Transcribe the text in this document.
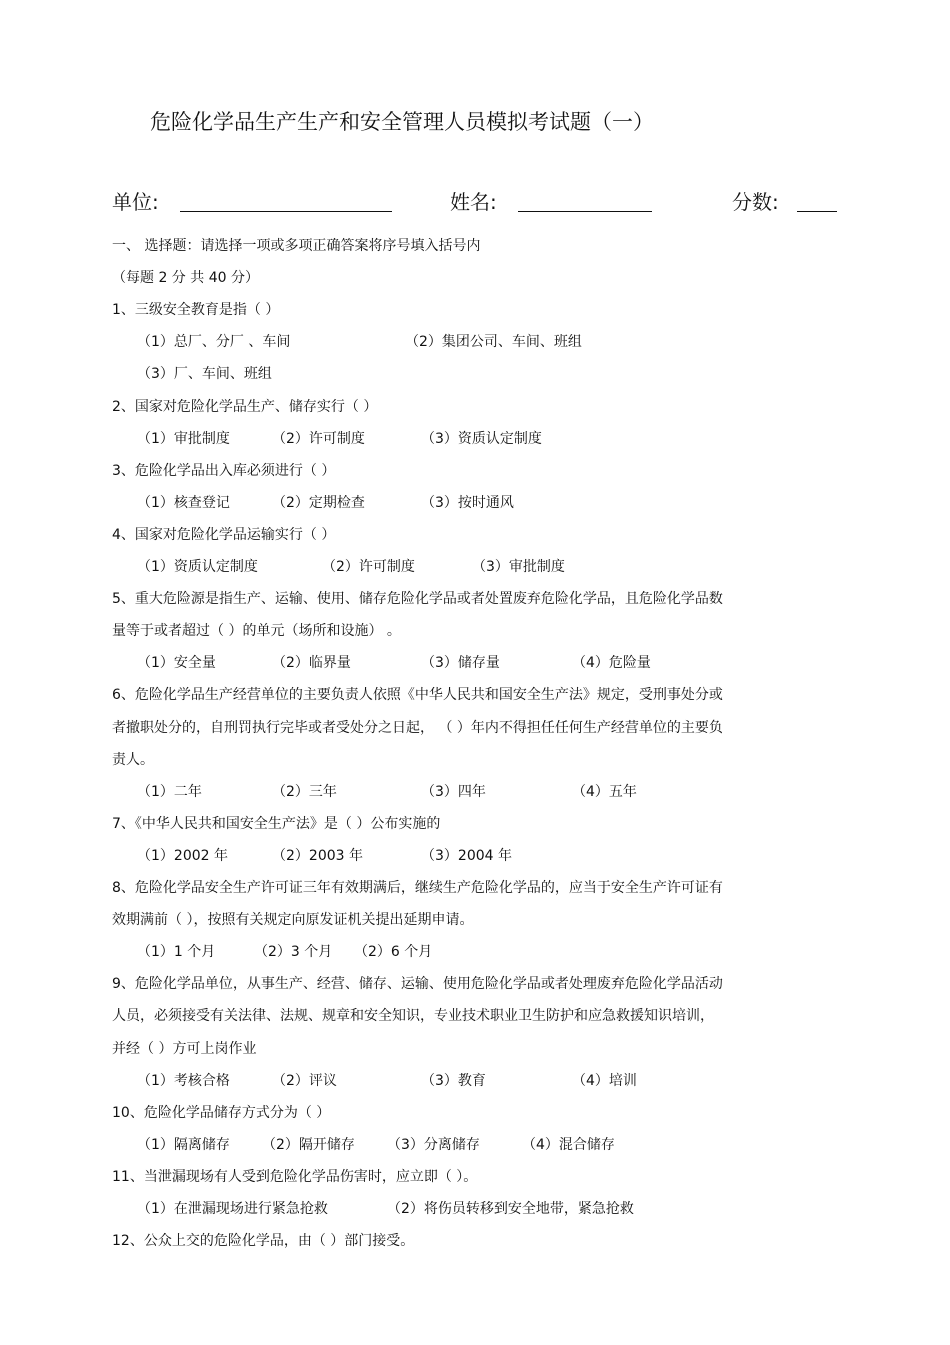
危险化学品生产生产和安全管理人员模拟考试题（一）
单位:	姓名:	分数:
一、 选择题：请选择一项或多项正确答案将序号填入括号内
（每题 2 分 共 40 分）
1、三级安全教育是指（ ）
（1）总厂、分厂 、车间	（2）集团公司、车间、班组
（3）厂、车间、班组
2、国家对危险化学品生产、储存实行（ ）
（1）审批制度	（2）许可制度	（3）资质认定制度
3、危险化学品出入库必须进行（ ）
（1）核查登记	（2）定期检查	（3）按时通风
4、国家对危险化学品运输实行（ ）
（1）资质认定制度	（2）许可制度	（3）审批制度
5、重大危险源是指生产、运输、使用、储存危险化学品或者处置废弃危险化学品，且危险化学品数
量等于或者超过（ ）的单元（场所和设施） 。
（1）安全量	（2）临界量	（3）储存量	（4）危险量
6、危险化学品生产经营单位的主要负责人依照《中华人民共和国安全生产法》规定，受刑事处分或
者撤职处分的，自刑罚执行完毕或者受处分之日起， （ ）年内不得担任任何生产经营单位的主要负
责人。
（1）二年	（2）三年	（3）四年	（4）五年
7、《中华人民共和国安全生产法》是（ ）公布实施的
（1）2002 年	（2）2003 年	（3）2004 年
8、危险化学品安全生产许可证三年有效期满后，继续生产危险化学品的，应当于安全生产许可证有
效期满前（ ），按照有关规定向原发证机关提出延期申请。
（1）1 个月	（2）3 个月 （2）6 个月
9、危险化学品单位，从事生产、经营、储存、运输、使用危险化学品或者处理废弃危险化学品活动
人员，必须接受有关法律、法规、规章和安全知识，专业技术职业卫生防护和应急救援知识培训，
并经（ ）方可上岗作业
（1）考核合格	（2）评议	（3）教育	（4）培训
10、危险化学品储存方式分为（ ）
（1）隔离储存 （2）隔开储存 （3）分离储存	（4）混合储存
11、当泄漏现场有人受到危险化学品伤害时，应立即（ ）。
（1）在泄漏现场进行紧急抢救	（2）将伤员转移到安全地带，紧急抢救
12、公众上交的危险化学品，由（ ）部门接受。
